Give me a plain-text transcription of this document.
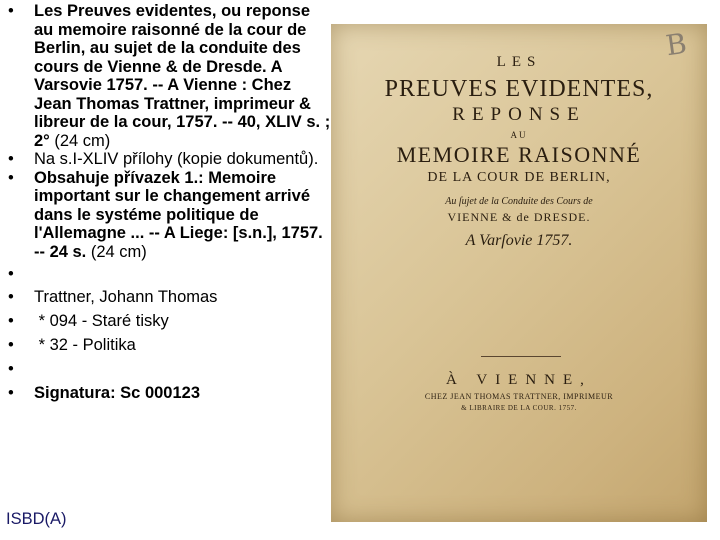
• Les Preuves evidentes, ou reponse au memoire raisonné de la cour de Berlin, au sujet de la conduite des cours de Vienne & de Dresde. A Varsovie 1757. -- A Vienne : Chez Jean Thomas Trattner, imprimeur & libreur de la cour, 1757. -- 40, XLIV s. ; 2° (24 cm)
• Na s.I-XLIV přílohy (kopie dokumentů).
• Obsahuje přívazek 1.: Memoire important sur le changement arrivé dans le systéme politique de l'Allemagne ... -- A Liege: [s.n.], 1757. -- 24 s. (24 cm)
•
• Trattner, Johann Thomas
• * 094 - Staré tisky
• * 32 - Politika
•
• Signatura: Sc 000123
ISBD(A)
B
LES
PREUVES EVIDENTES,
REPONSE
AU
MEMOIRE RAISONNÉ
DE LA COUR DE BERLIN,
Au ſujet de la Conduite des Cours de
VIENNE & de DRESDE.
A Varſovie 1757.
À VIENNE,
CHEZ JEAN THOMAS TRATTNER, IMPRIMEUR
& LIBRAIRE DE LA COUR. 1757.
